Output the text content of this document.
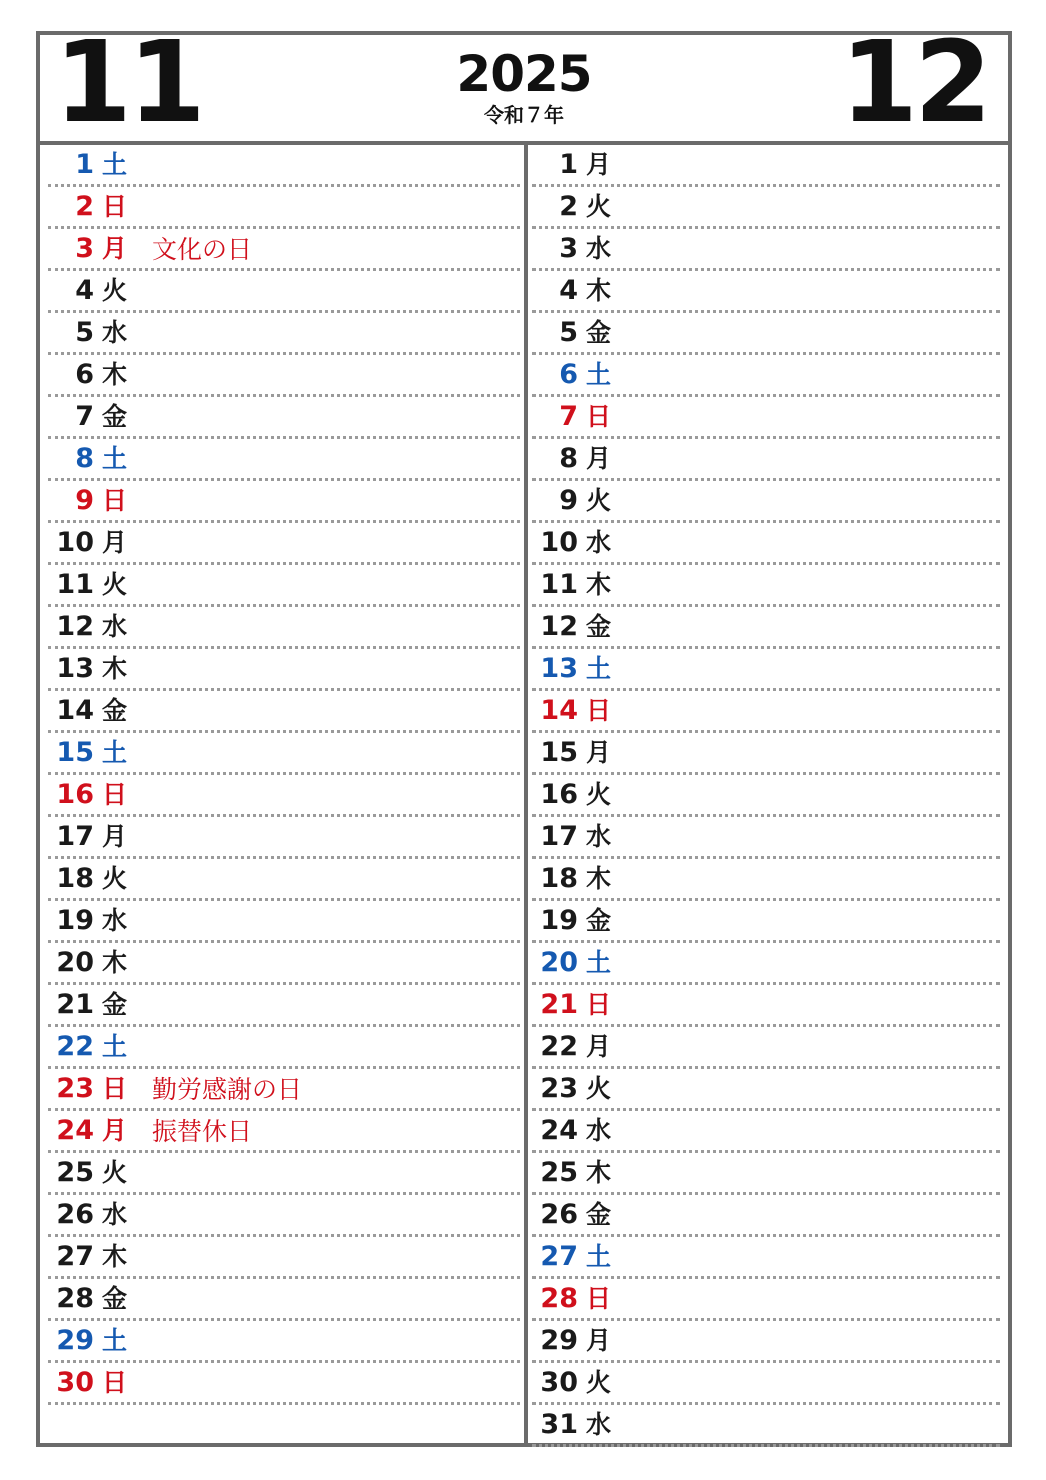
11	2025
令和７年	12
1 土
2 日
3 月 文化の日
4 火
5 水
6 木
7 金
8 土
9 日
10 月
11 火
12 水
13 木
14 金
15 土
16 日
17 月
18 火
19 水
20 木
21 金
22 土
23 日 勤労感謝の日
24 月 振替休日
25 火
26 水
27 木
28 金
29 土
30 日
1 月
2 火
3 水
4 木
5 金
6 土
7 日
8 月
9 火
10 水
11 木
12 金
13 土
14 日
15 月
16 火
17 水
18 木
19 金
20 土
21 日
22 月
23 火
24 水
25 木
26 金
27 土
28 日
29 月
30 火
31 水
